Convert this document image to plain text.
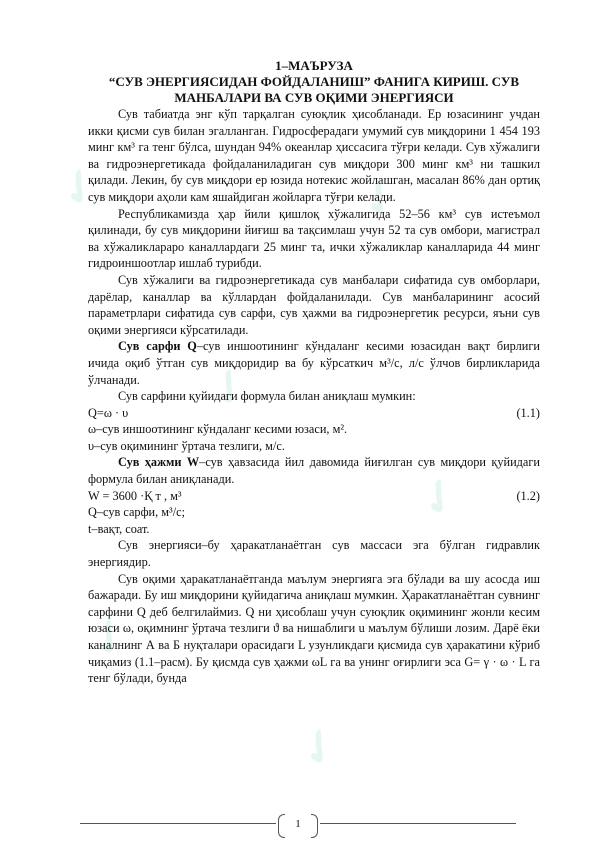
✓	✓
✓
✓
✓
✓
1–МАЪРУЗА
“СУВ ЭНЕРГИЯСИДАН ФОЙДАЛАНИШ” ФАНИГА КИРИШ. СУВ
МАНБАЛАРИ ВА СУВ ОҚИМИ ЭНЕРГИЯСИ

Сув табиатда энг кўп тарқалган суюқлик ҳисобланади. Ер юзасининг учдан икки қисми сув билан эгалланган. Гидросферадаги умумий сув миқдорини 1 454 193 минг км³ га тенг бўлса, шундан 94% океанлар ҳиссасига тўғри келади. Сув хўжалиги ва гидроэнергетикада фойдаланиладиган сув миқдори 300 минг км³ ни ташкил қилади. Лекин, бу сув миқдори ер юзида нотекис жойлашган, масалан 86% дан ортиқ сув миқдори аҳоли кам яшайдиган жойларга тўғри келади.

Республикамизда ҳар йили қишлоқ хўжалигида 52–56 км³ сув истеъмол қилинади, бу сув миқдорини йиғиш ва тақсимлаш учун 52 та сув омбори, магистрал ва хўжаликлараро каналлардаги 25 минг та, ички хўжаликлар каналларида 44 минг гидроиншоотлар ишлаб турибди.

Сув хўжалиги ва гидроэнергетикада сув манбалари сифатида сув омборлари, дарёлар, каналлар ва кўллардан фойдаланилади. Сув манбаларининг асосий параметрлари сифатида сув сарфи, сув ҳажми ва гидроэнергетик ресурси, яъни сув оқими энергияси кўрсатилади.

Сув сарфи Q–сув иншоотининг кўндаланг кесими юзасидан вақт бирлиги ичида оқиб ўтган сув миқдоридир ва бу кўрсаткич м³/с, л/с ўлчов бирликларида ўлчанади.

Сув сарфини қуйидаги формула билан аниқлаш мумкин:

Q=ω · υ	(1.1)
ω–сув иншоотининг кўндаланг кесими юзаси, м².
υ–сув оқимининг ўртача тезлиги, м/с.

Сув ҳажми W–сув ҳавзасида йил давомида йиғилган сув миқдори қуйидаги формула билан аниқланади.

W = 3600 ·Қ т , м³	(1.2)
Q–сув сарфи, м³/с;
t–вақт, соат.

Сув энергияси–бу ҳаракатланаётган сув массаси эга бўлган гидравлик энергиядир.

Сув оқими ҳаракатланаётганда маълум энергияга эга бўлади ва шу асосда иш бажаради. Бу иш миқдорини қуйидагича аниқлаш мумкин. Ҳаракатланаётган сувнинг сарфини Q деб белгилаймиз. Q ни ҳисоблаш учун суюқлик оқимининг жонли кесим юзаси ω, оқимнинг ўртача тезлиги ϑ ва нишаблиги u маълум бўлиши лозим. Дарё ёки каналнинг А ва Б нуқталари орасидаги L узунликдаги қисмида сув ҳаракатини кўриб чиқамиз (1.1–расм). Бу қисмда сув ҳажми ωL га ва унинг оғирлиги эса G= γ · ω · L га тенг бўлади, бунда

1
